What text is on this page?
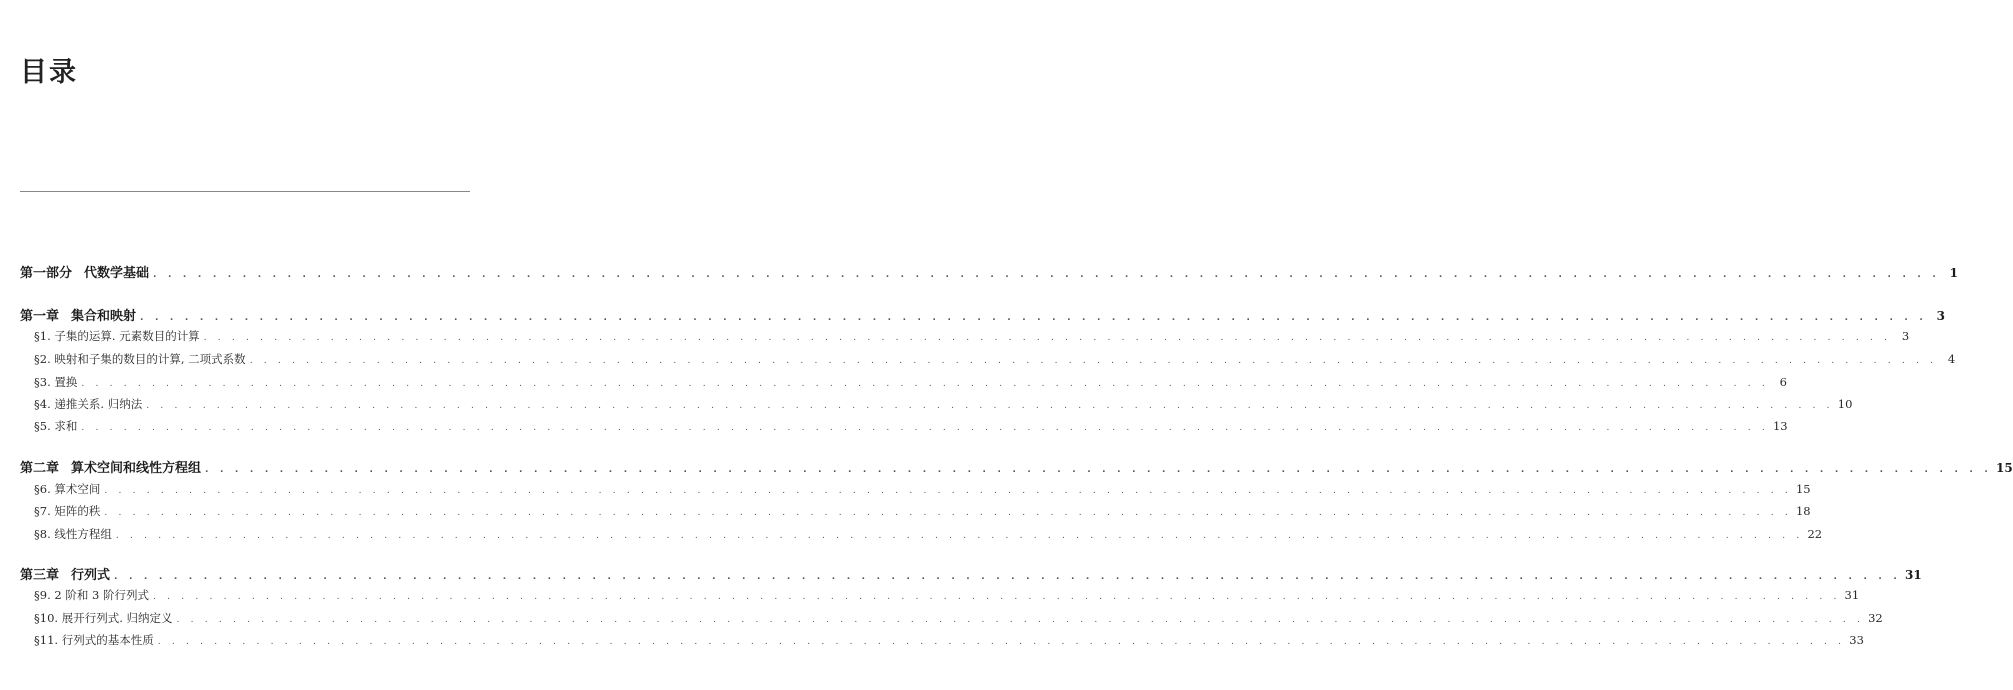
目录
第一部分 代数学基础 . . . . . . . . . . . . . . . . . . . . . . . . . . . . . . . . . . . . . . . . . . . . . . . . . . . . . . . . . . . . . . . . . . . . . . . . . . . . . . . . . . . . . . . . . . . . . . . . . . . . . . . . . . . . . . . . . . . . . . . . 1
第一章 集合和映射 . . . . . . . . . . . . . . . . . . . . . . . . . . . . . . . . . . . . . . . . . . . . . . . . . . . . . . . . . . . . . . . . . . . . . . . . . . . . . . . . . . . . . . . . . . . . . . . . . . . . . . . . . . . . . . . . . . . . . . . . 3
§1. 子集的运算. 元素数目的计算 . . . . . . . . . . . . . . . . . . . . . . . . . . . . . . . . . . . . . . . . . . . . . . . . . . . . . . . . . . . . . . . . . . . . . . . . . . . . . . . . . . . . . . . . . . . . . . . . . . . . . . . . . . . . . . . . . . . . . . . . 3
§2. 映射和子集的数目的计算, 二项式系数 . . . . . . . . . . . . . . . . . . . . . . . . . . . . . . . . . . . . . . . . . . . . . . . . . . . . . . . . . . . . . . . . . . . . . . . . . . . . . . . . . . . . . . . . . . . . . . . . . . . . . . . . . . . . . . . . . . . . . . . . 4
§3. 置换 . . . . . . . . . . . . . . . . . . . . . . . . . . . . . . . . . . . . . . . . . . . . . . . . . . . . . . . . . . . . . . . . . . . . . . . . . . . . . . . . . . . . . . . . . . . . . . . . . . . . . . . . . . . . . . . . . . . . . . . . 6
§4. 递推关系. 归纳法 . . . . . . . . . . . . . . . . . . . . . . . . . . . . . . . . . . . . . . . . . . . . . . . . . . . . . . . . . . . . . . . . . . . . . . . . . . . . . . . . . . . . . . . . . . . . . . . . . . . . . . . . . . . . . . . . . . . . . . . . 10
§5. 求和 . . . . . . . . . . . . . . . . . . . . . . . . . . . . . . . . . . . . . . . . . . . . . . . . . . . . . . . . . . . . . . . . . . . . . . . . . . . . . . . . . . . . . . . . . . . . . . . . . . . . . . . . . . . . . . . . . . . . . . . . 13
第二章 算术空间和线性方程组 . . . . . . . . . . . . . . . . . . . . . . . . . . . . . . . . . . . . . . . . . . . . . . . . . . . . . . . . . . . . . . . . . . . . . . . . . . . . . . . . . . . . . . . . . . . . . . . . . . . . . . . . . . . . . . . . . . . . . . . . 15
§6. 算术空间 . . . . . . . . . . . . . . . . . . . . . . . . . . . . . . . . . . . . . . . . . . . . . . . . . . . . . . . . . . . . . . . . . . . . . . . . . . . . . . . . . . . . . . . . . . . . . . . . . . . . . . . . . . . . . . . . . . . . . . . . 15
§7. 矩阵的秩 . . . . . . . . . . . . . . . . . . . . . . . . . . . . . . . . . . . . . . . . . . . . . . . . . . . . . . . . . . . . . . . . . . . . . . . . . . . . . . . . . . . . . . . . . . . . . . . . . . . . . . . . . . . . . . . . . . . . . . . . 18
§8. 线性方程组 . . . . . . . . . . . . . . . . . . . . . . . . . . . . . . . . . . . . . . . . . . . . . . . . . . . . . . . . . . . . . . . . . . . . . . . . . . . . . . . . . . . . . . . . . . . . . . . . . . . . . . . . . . . . . . . . . . . . . . . . 22
第三章 行列式 . . . . . . . . . . . . . . . . . . . . . . . . . . . . . . . . . . . . . . . . . . . . . . . . . . . . . . . . . . . . . . . . . . . . . . . . . . . . . . . . . . . . . . . . . . . . . . . . . . . . . . . . . . . . . . . . . . . . . . . . 31
§9. 2 阶和 3 阶行列式 . . . . . . . . . . . . . . . . . . . . . . . . . . . . . . . . . . . . . . . . . . . . . . . . . . . . . . . . . . . . . . . . . . . . . . . . . . . . . . . . . . . . . . . . . . . . . . . . . . . . . . . . . . . . . . . . . . . . . . . . 31
§10. 展开行列式. 归纳定义 . . . . . . . . . . . . . . . . . . . . . . . . . . . . . . . . . . . . . . . . . . . . . . . . . . . . . . . . . . . . . . . . . . . . . . . . . . . . . . . . . . . . . . . . . . . . . . . . . . . . . . . . . . . . . . . . . . . . . . . . 32
§11. 行列式的基本性质 . . . . . . . . . . . . . . . . . . . . . . . . . . . . . . . . . . . . . . . . . . . . . . . . . . . . . . . . . . . . . . . . . . . . . . . . . . . . . . . . . . . . . . . . . . . . . . . . . . . . . . . . . . . . . . . . . . . . . . . . 33
